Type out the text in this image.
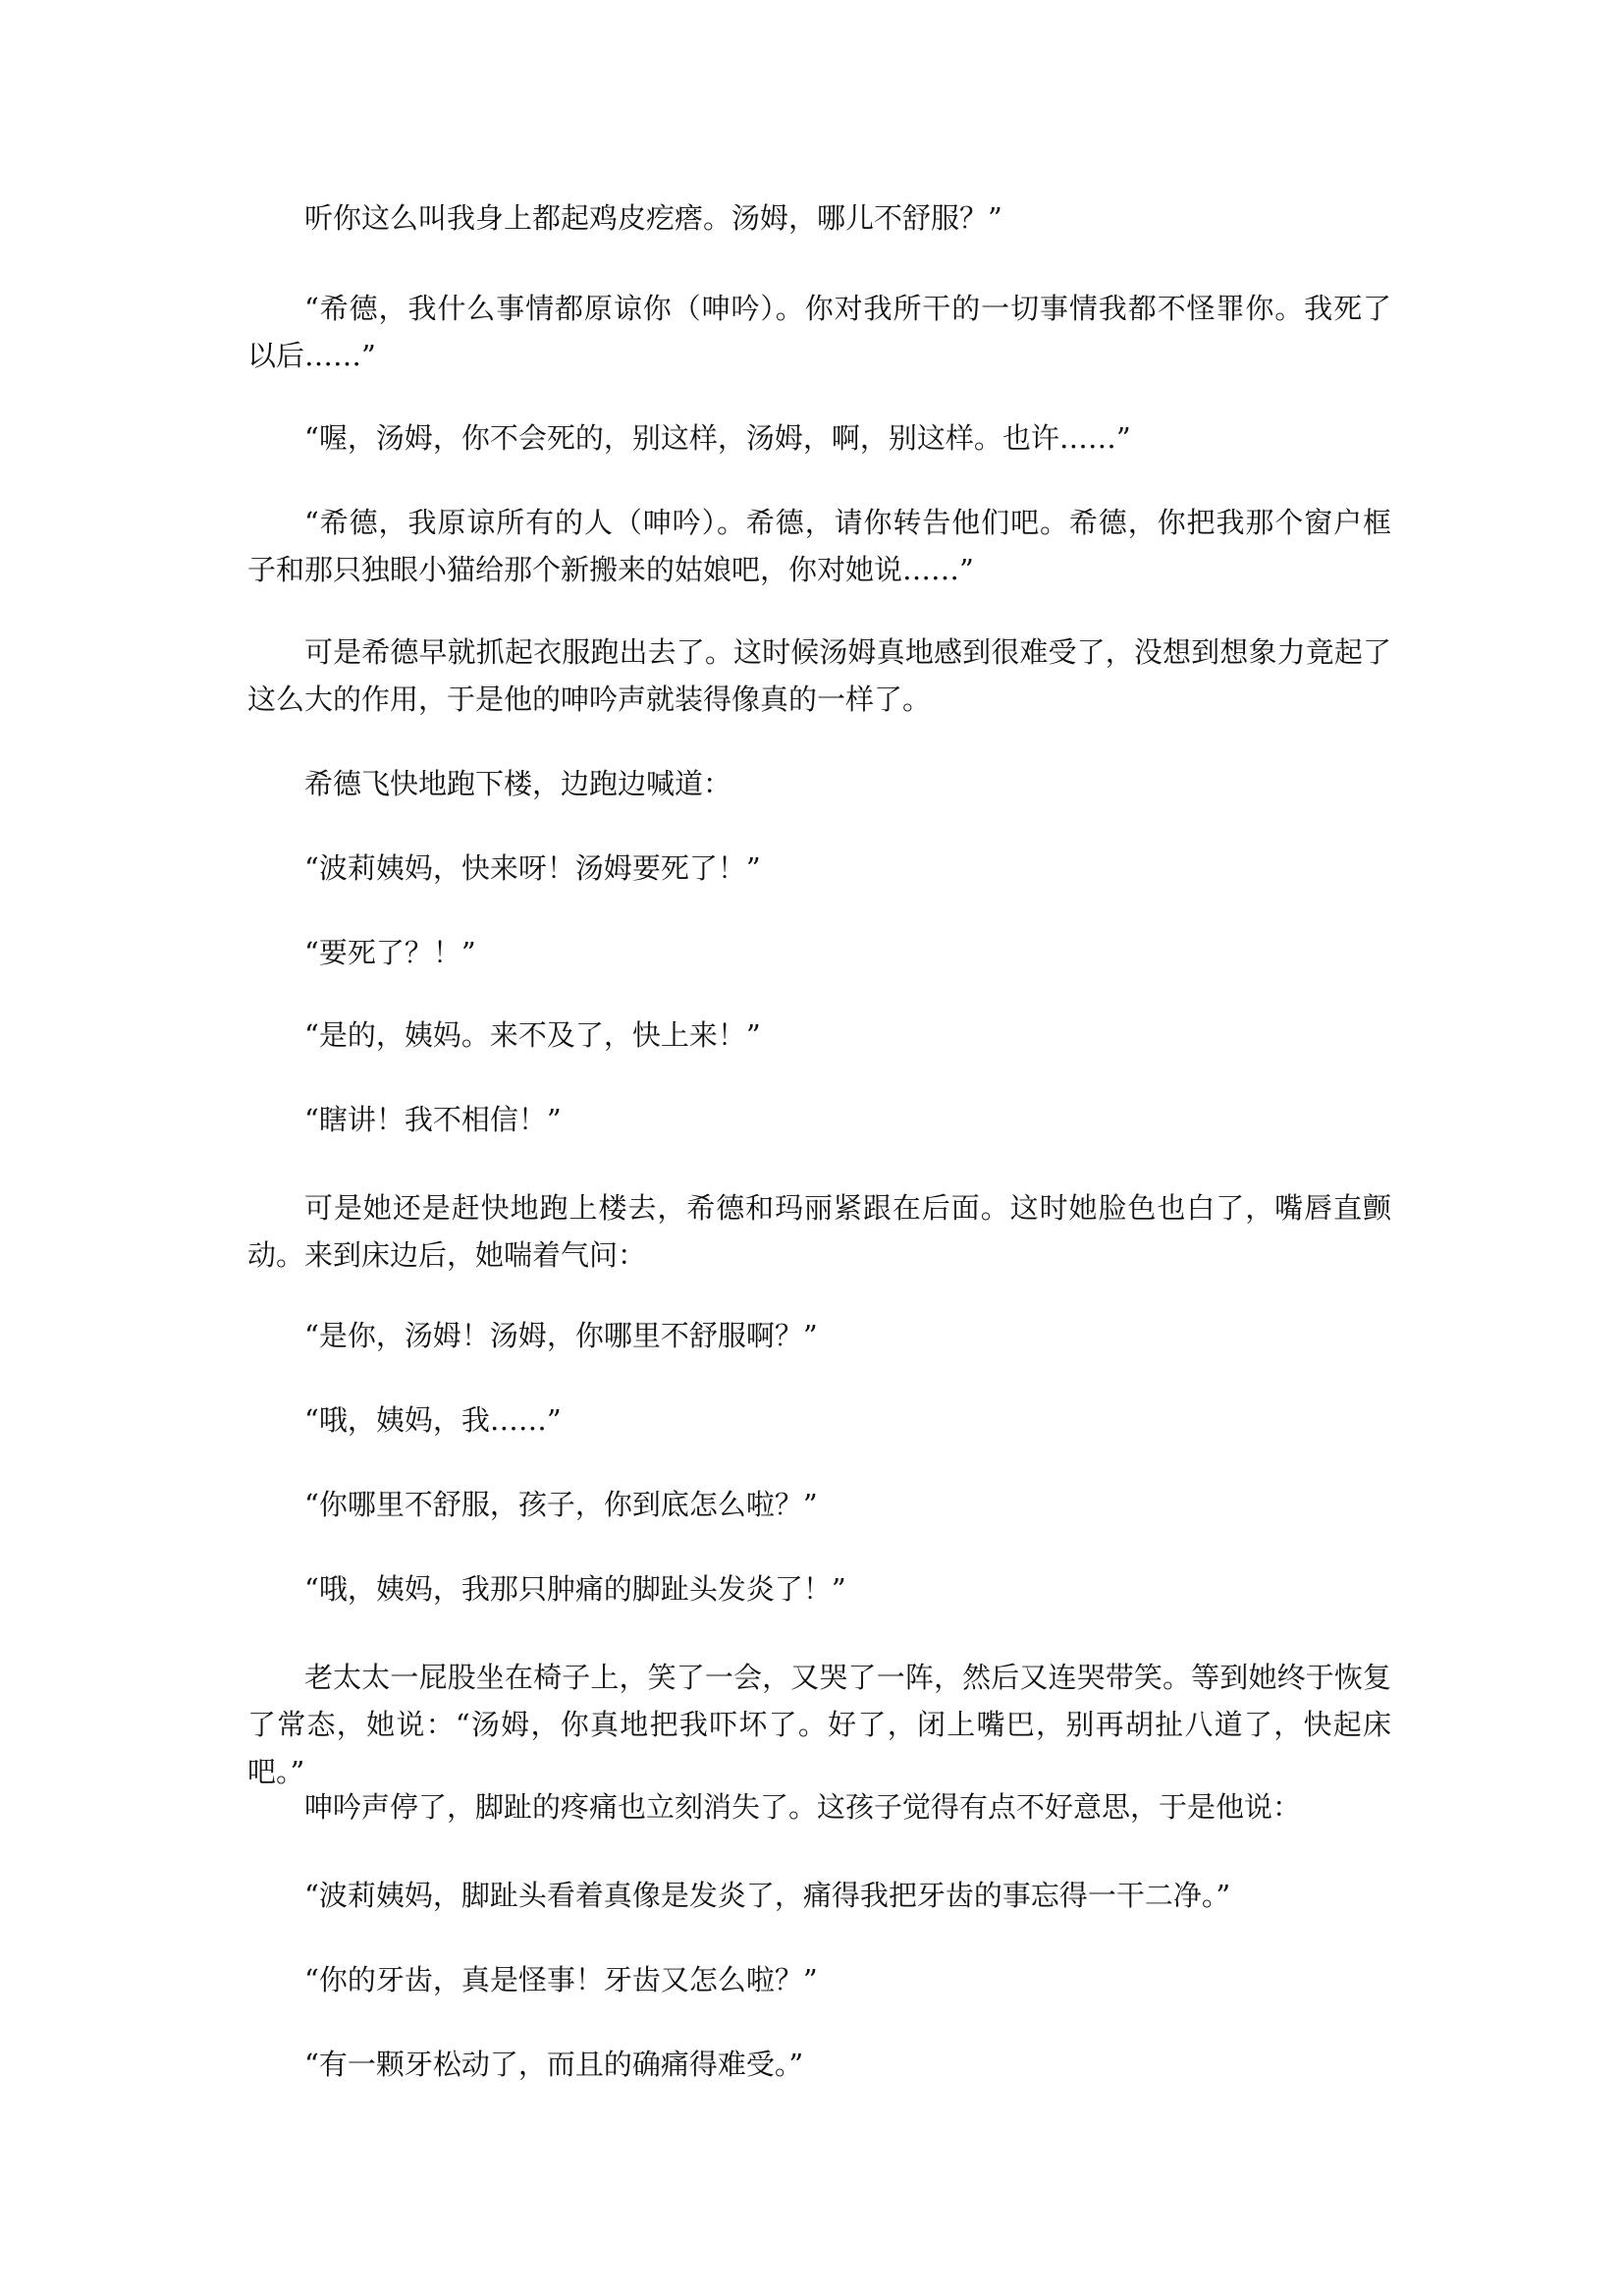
听你这么叫我身上都起鸡皮疙瘩。汤姆，哪儿不舒服？”

“希德，我什么事情都原谅你（呻吟）。你对我所干的一切事情我都不怪罪你。我死了 以后……”

“喔，汤姆，你不会死的，别这样，汤姆，啊，别这样。也许……”

“希德，我原谅所有的人（呻吟）。希德，请你转告他们吧。希德，你把我那个窗户框 子和那只独眼小猫给那个新搬来的姑娘吧，你对她说……”

可是希德早就抓起衣服跑出去了。这时候汤姆真地感到很难受了，没想到想象力竟起了这么大的作用，于是他的呻吟声就装得像真的一样了。

希德飞快地跑下楼，边跑边喊道：

“波莉姨妈，快来呀！汤姆要死了！”

“要死了？！”

“是的，姨妈。来不及了，快上来！”

“瞎讲！我不相信！”

可是她还是赶快地跑上楼去，希德和玛丽紧跟在后面。这时她脸色也白了，嘴唇直颤 动。来到床边后，她喘着气问：

“是你，汤姆！汤姆，你哪里不舒服啊？”

“哦，姨妈，我……”

“你哪里不舒服，孩子，你到底怎么啦？”

“哦，姨妈，我那只肿痛的脚趾头发炎了！”

老太太一屁股坐在椅子上，笑了一会，又哭了一阵，然后又连哭带笑。等到她终于恢复了常态，她说：“汤姆，你真地把我吓坏了。好了，闭上嘴巴，别再胡扯八道了，快起床 吧。”

呻吟声停了，脚趾的疼痛也立刻消失了。这孩子觉得有点不好意思，于是他说：

“波莉姨妈，脚趾头看着真像是发炎了，痛得我把牙齿的事忘得一干二净。”

“你的牙齿，真是怪事！牙齿又怎么啦？”

“有一颗牙松动了，而且的确痛得难受。”
